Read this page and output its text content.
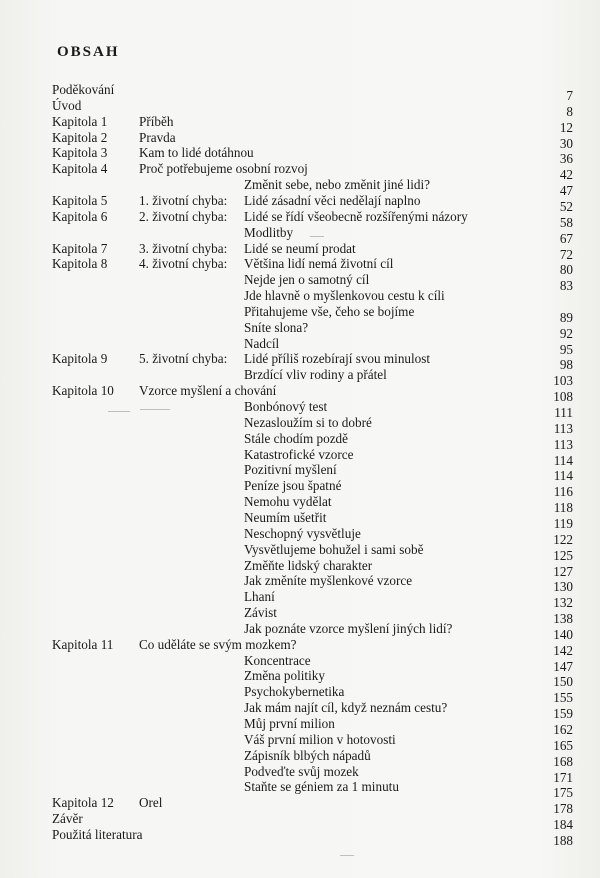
OBSAH
Poděkování	7
Úvod	8
Kapitola 1 Příběh	12
Kapitola 2 Pravda	30
Kapitola 3 Kam to lidé dotáhnou	36
Kapitola 4 Proč potřebujeme osobní rozvoj	42
Změnit sebe, nebo změnit jiné lidi?	47
Kapitola 5 1. životní chyba: Lidé zásadní věci nedělají naplno	52
Kapitola 6 2. životní chyba: Lidé se řídí všeobecně rozšířenými názory	58
Modlitby	67
Kapitola 7 3. životní chyba: Lidé se neumí prodat	72
Kapitola 8 4. životní chyba: Většina lidí nemá životní cíl	80
Nejde jen o samotný cíl	83
Jde hlavně o myšlenkovou cestu k cíli
Přitahujeme vše, čeho se bojíme	89
Sníte slona?	92
Nadcíl	95
Kapitola 9 5. životní chyba: Lidé příliš rozebírají svou minulost	98
Brzdící vliv rodiny a přátel	103
Kapitola 10 Vzorce myšlení a chování	108
Bonbónový test	111
Nezasloužím si to dobré	113
Stále chodím pozdě	113
Katastrofické vzorce	114
Pozitivní myšlení	114
Peníze jsou špatné	116
Nemohu vydělat	118
Neumím ušetřit	119
Neschopný vysvětluje	122
Vysvětlujeme bohužel i sami sobě	125
Změňte lidský charakter	127
Jak změníte myšlenkové vzorce	130
Lhaní	132
Závist	138
Jak poznáte vzorce myšlení jiných lidí?	140
Kapitola 11 Co uděláte se svým mozkem?	142
Koncentrace	147
Změna politiky	150
Psychokybernetika	155
Jak mám najít cíl, když neznám cestu?	159
Můj první milion	162
Váš první milion v hotovosti	165
Zápisník blbých nápadů	168
Podveďte svůj mozek	171
Staňte se géniem za 1 minutu	175
Kapitola 12 Orel	178
Závěr	184
Použitá literatura	188
